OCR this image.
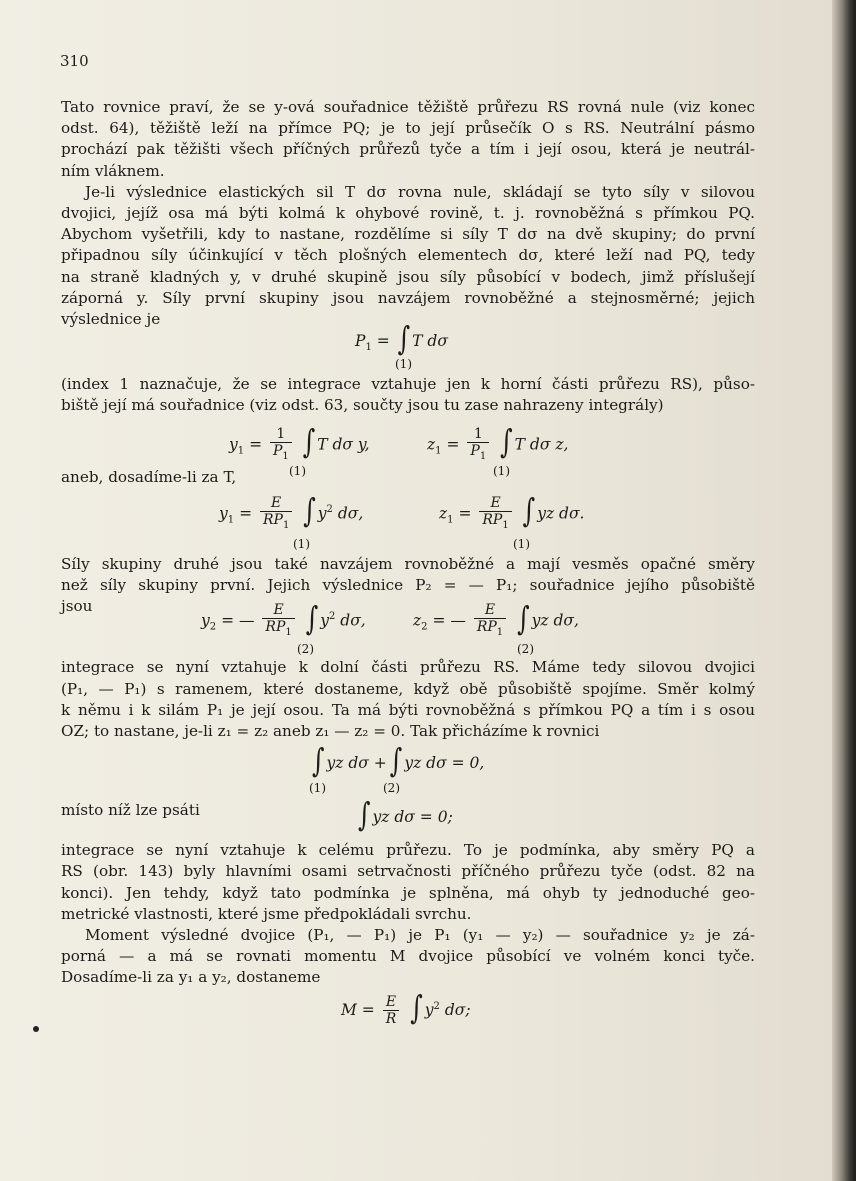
310

Tato rovnice praví, že se y-ová souřadnice těžiště průřezu RS rovná nule (viz konec
odst. 64), těžiště leží na přímce PQ; je to její průsečík O s RS. Neutrální pásmo
prochází pak těžišti všech příčných průřezů tyče a tím i její osou, která je neutrál-
ním vláknem.

Je-li výslednice elastických sil T dσ rovna nule, skládají se tyto síly v silovou
dvojici, jejíž osa má býti kolmá k ohybové rovině, t. j. rovnoběžná s přímkou PQ.
Abychom vyšetřili, kdy to nastane, rozdělíme si síly T dσ na dvě skupiny; do první
připadnou síly účinkující v těch plošných elementech dσ, které leží nad PQ, tedy
na straně kladných y, v druhé skupině jsou síly působící v bodech, jimž příslušejí
záporná y. Síly první skupiny jsou navzájem rovnoběžné a stejnosměrné; jejich
výslednice je

$P_1$ = ∫ T dσ
(1)

(index 1 naznačuje, že se integrace vztahuje jen k horní části průřezu RS), půso-
biště její má souřadnice (viz odst. 63, součty jsou tu zase nahrazeny integrály)

$y_1 = \frac{1}{P_1}$ ∫ T dσ y,	$z_1 = \frac{1}{P_1}$ ∫ T dσ z,
(1)	(1)

aneb, dosadíme-li za T,

$y_1 = \frac{E}{RP_1}$ ∫ $y^2$ dσ,	$z_1 = \frac{E}{RP_1}$ ∫ yz dσ.
(1)	(1)

Síly skupiny druhé jsou také navzájem rovnoběžné a mají vesměs opačné směry
než síly skupiny první. Jejich výslednice P₂ = — P₁; souřadnice jejího působiště
jsou

$y_2$ = — $\frac{E}{RP_1}$ ∫ $y^2$ dσ,	$z_2$ = — $\frac{E}{RP_1}$ ∫ yz dσ,
(2)	(2)

integrace se nyní vztahuje k dolní části průřezu RS. Máme tedy silovou dvojici
(P₁, — P₁) s ramenem, které dostaneme, když obě působiště spojíme. Směr kolmý
k němu i k silám P₁ je její osou. Ta má býti rovnoběžná s přímkou PQ a tím i s osou
OZ; to nastane, je-li z₁ = z₂ aneb z₁ — z₂ = 0. Tak přicházíme k rovnici

∫ yz dσ + ∫ yz dσ = 0,
(1)	(2)
místo níž lze psáti	∫ yz dσ = 0;

integrace se nyní vztahuje k celému průřezu. To je podmínka, aby směry PQ a
RS (obr. 143) byly hlavními osami setrvačnosti příčného průřezu tyče (odst. 82 na
konci). Jen tehdy, když tato podmínka je splněna, má ohyb ty jednoduché geo-
metrické vlastnosti, které jsme předpokládali svrchu.

Moment výsledné dvojice (P₁, — P₁) je P₁ (y₁ — y₂) — souřadnice y₂ je zá-
porná — a má se rovnati momentu M dvojice působící ve volném konci tyče.
Dosadíme-li za y₁ a y₂, dostaneme

$M = \frac{E}{R}$ ∫ $y^2$ dσ;
